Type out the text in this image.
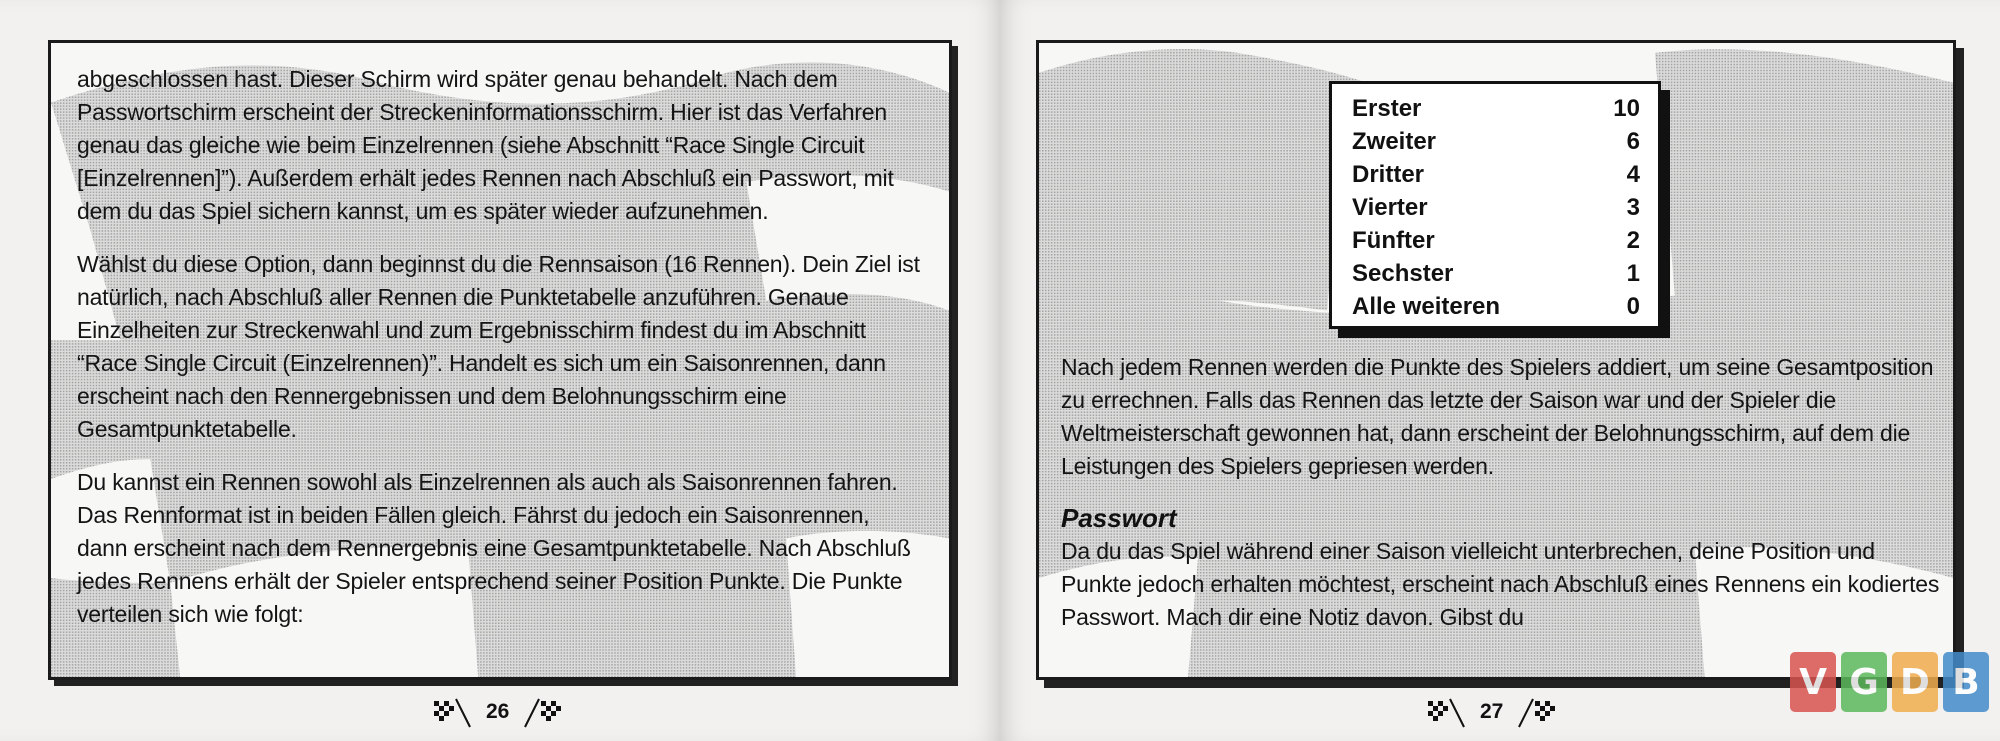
abgeschlossen hast. Dieser Schirm wird später genau behandelt. Nach dem Passwortschirm erscheint der Streckeninformationsschirm. Hier ist das Verfahren genau das gleiche wie beim Einzelrennen (siehe Abschnitt “Race Single Circuit [Einzelrennen]”). Außerdem erhält jedes Rennen nach Abschluß ein Passwort, mit dem du das Spiel sichern kannst, um es später wieder aufzunehmen.

Wählst du diese Option, dann beginnst du die Rennsaison (16 Rennen). Dein Ziel ist natürlich, nach Abschluß aller Rennen die Punktetabelle anzuführen. Genaue Einzelheiten zur Streckenwahl und zum Ergebnisschirm findest du im Abschnitt “Race Single Circuit (Einzelrennen)”. Handelt es sich um ein Saisonrennen, dann erscheint nach den Rennergebnissen und dem Belohnungsschirm eine Gesamtpunktetabelle.

Du kannst ein Rennen sowohl als Einzelrennen als auch als Saisonrennen fahren. Das Rennformat ist in beiden Fällen gleich. Fährst du jedoch ein Saisonrennen, dann erscheint nach dem Rennergebnis eine Gesamtpunktetabelle. Nach Abschluß jedes Rennens erhält der Spieler entsprechend seiner Position Punkte. Die Punkte verteilen sich wie folgt:

26
Erster	10
Zweiter	6
Dritter	4
Vierter	3
Fünfter	2
Sechster	1
Alle weiteren	0

Nach jedem Rennen werden die Punkte des Spielers addiert, um seine Gesamtposition zu errechnen. Falls das Rennen das letzte der Saison war und der Spieler die Weltmeisterschaft gewonnen hat, dann erscheint der Belohnungsschirm, auf dem die Leistungen des Spielers gepriesen werden.

Passwort

Da du das Spiel während einer Saison vielleicht unterbrechen, deine Position und Punkte jedoch erhalten möchtest, erscheint nach Abschluß eines Rennens ein kodiertes Passwort. Mach dir eine Notiz davon. Gibst du

27
V G D B
